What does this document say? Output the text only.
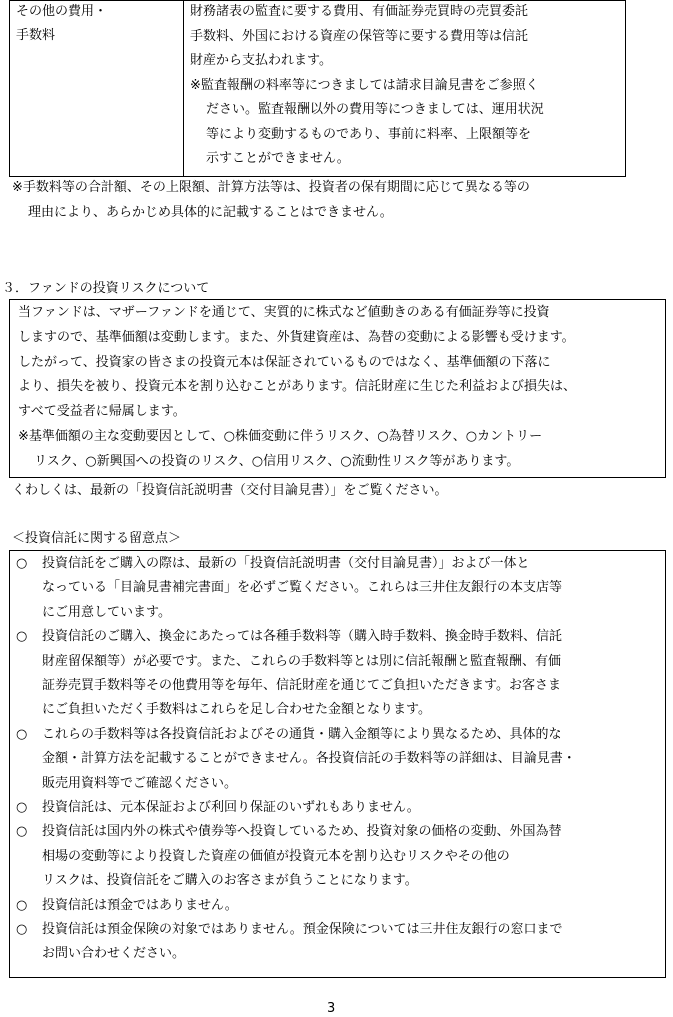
その他の費用・
手数料
財務諸表の監査に要する費用、有価証券売買時の売買委託
手数料、外国における資産の保管等に要する費用等は信託
財産から支払われます。
※監査報酬の料率等につきましては請求目論見書をご参照く
ださい。監査報酬以外の費用等につきましては、運用状況
等により変動するものであり、事前に料率、上限額等を
示すことができません。
※手数料等の合計額、その上限額、計算方法等は、投資者の保有期間に応じて異なる等の
理由により、あらかじめ具体的に記載することはできません。
３．ファンドの投資リスクについて
当ファンドは、マザーファンドを通じて、実質的に株式など値動きのある有価証券等に投資
しますので、基準価額は変動します。また、外貨建資産は、為替の変動による影響も受けます。
したがって、投資家の皆さまの投資元本は保証されているものではなく、基準価額の下落に
より、損失を被り、投資元本を割り込むことがあります。信託財産に生じた利益および損失は、
すべて受益者に帰属します。
※基準価額の主な変動要因として、○株価変動に伴うリスク、○為替リスク、○カントリー
リスク、○新興国への投資のリスク、○信用リスク、○流動性リスク等があります。
くわしくは、最新の「投資信託説明書（交付目論見書）」をご覧ください。
＜投資信託に関する留意点＞
○ 投資信託をご購入の際は、最新の「投資信託説明書（交付目論見書）」および一体と
なっている「目論見書補完書面」を必ずご覧ください。これらは三井住友銀行の本支店等
にご用意しています。
○ 投資信託のご購入、換金にあたっては各種手数料等（購入時手数料、換金時手数料、信託
財産留保額等）が必要です。また、これらの手数料等とは別に信託報酬と監査報酬、有価
証券売買手数料等その他費用等を毎年、信託財産を通じてご負担いただきます。お客さま
にご負担いただく手数料はこれらを足し合わせた金額となります。
○ これらの手数料等は各投資信託およびその通貨・購入金額等により異なるため、具体的な
金額・計算方法を記載することができません。各投資信託の手数料等の詳細は、目論見書・
販売用資料等でご確認ください。
○ 投資信託は、元本保証および利回り保証のいずれもありません。
○ 投資信託は国内外の株式や債券等へ投資しているため、投資対象の価格の変動、外国為替
相場の変動等により投資した資産の価値が投資元本を割り込むリスクやその他の
リスクは、投資信託をご購入のお客さまが負うことになります。
○ 投資信託は預金ではありません。
○ 投資信託は預金保険の対象ではありません。預金保険については三井住友銀行の窓口まで
お問い合わせください。
3
